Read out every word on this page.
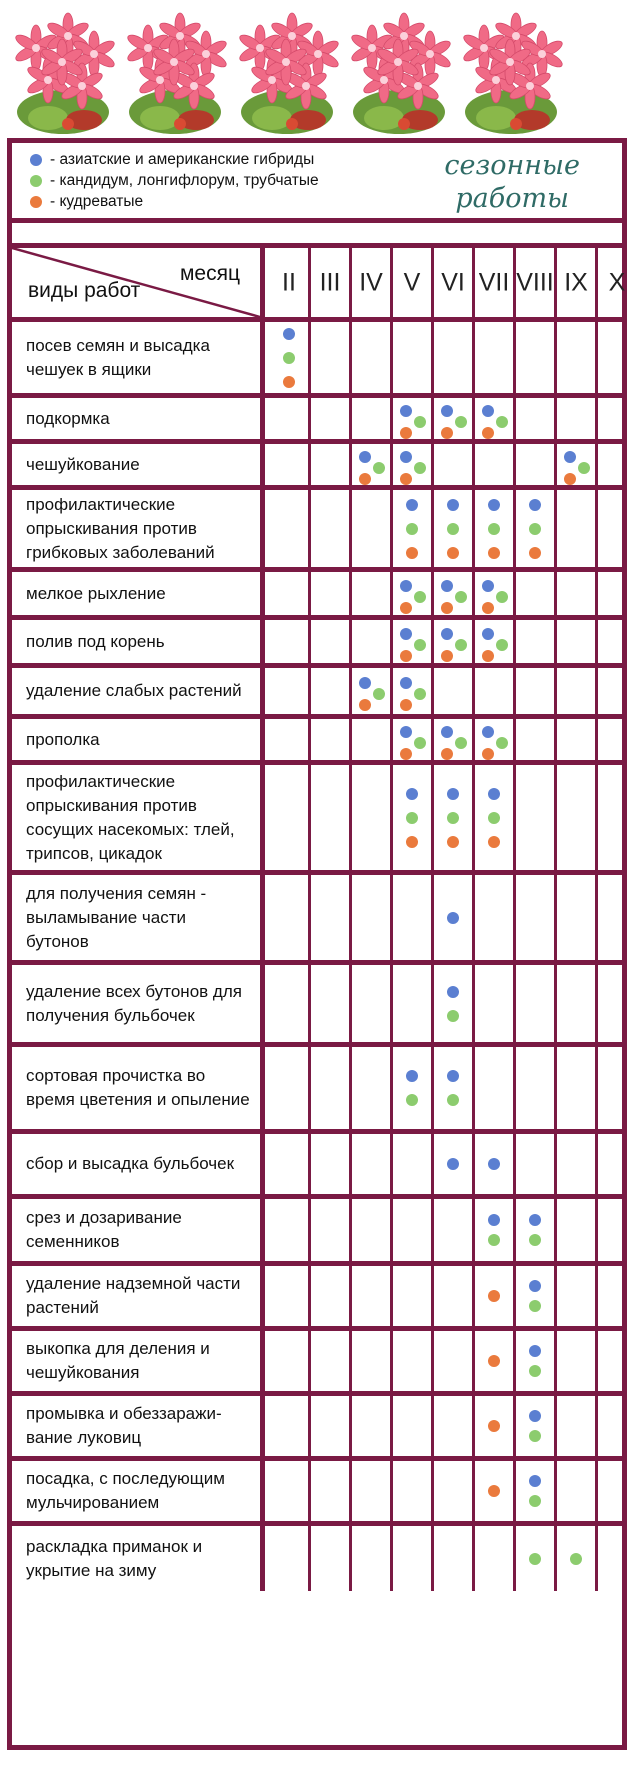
- азиатские и американские гибриды
- кандидум, лонгифлорум, трубчатые
- кудреватые
сезонные
работы
месяц
виды работ	II III IV V VI VII VIII IX X
посев семян и высадка чешуек в ящики
подкормка
чешуйкование
профилактические опрыскивания против грибковых заболеваний
мелкое рыхление
полив под корень
удаление слабых растений
прополка
профилактические опрыскивания против сосущих насекомых: тлей, трипсов, цикадок
для получения семян - выламывание части бутонов
удаление всех бутонов для получения бульбочек
сортовая прочистка во время цветения и опыление
сбор и высадка бульбочек
срез и дозаривание семенников
удаление надземной части растений
выкопка для деления и чешуйкования
промывка и обеззаражи-вание луковиц
посадка, с последующим мульчированием
раскладка приманок и укрытие на зиму
